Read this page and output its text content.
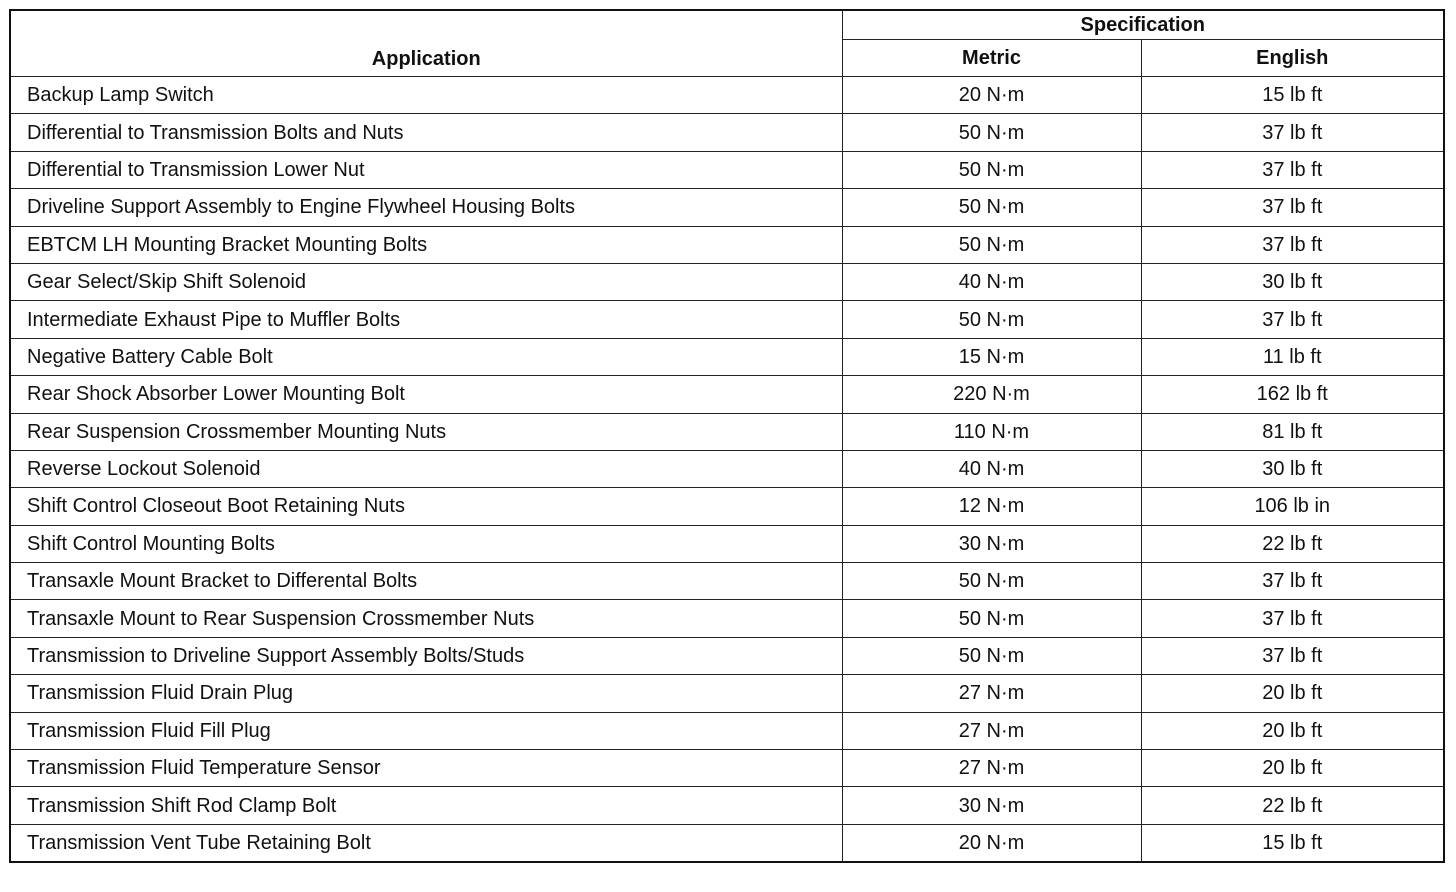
Application	Specification	
	Metric	English
Backup Lamp Switch	20 N·m	15 lb ft
Differential to Transmission Bolts and Nuts	50 N·m	37 lb ft
Differential to Transmission Lower Nut	50 N·m	37 lb ft
Driveline Support Assembly to Engine Flywheel Housing Bolts	50 N·m	37 lb ft
EBTCM LH Mounting Bracket Mounting Bolts	50 N·m	37 lb ft
Gear Select/Skip Shift Solenoid	40 N·m	30 lb ft
Intermediate Exhaust Pipe to Muffler Bolts	50 N·m	37 lb ft
Negative Battery Cable Bolt	15 N·m	11 lb ft
Rear Shock Absorber Lower Mounting Bolt	220 N·m	162 lb ft
Rear Suspension Crossmember Mounting Nuts	110 N·m	81 lb ft
Reverse Lockout Solenoid	40 N·m	30 lb ft
Shift Control Closeout Boot Retaining Nuts	12 N·m	106 lb in
Shift Control Mounting Bolts	30 N·m	22 lb ft
Transaxle Mount Bracket to Differental Bolts	50 N·m	37 lb ft
Transaxle Mount to Rear Suspension Crossmember Nuts	50 N·m	37 lb ft
Transmission to Driveline Support Assembly Bolts/Studs	50 N·m	37 lb ft
Transmission Fluid Drain Plug	27 N·m	20 lb ft
Transmission Fluid Fill Plug	27 N·m	20 lb ft
Transmission Fluid Temperature Sensor	27 N·m	20 lb ft
Transmission Shift Rod Clamp Bolt	30 N·m	22 lb ft
Transmission Vent Tube Retaining Bolt	20 N·m	15 lb ft
